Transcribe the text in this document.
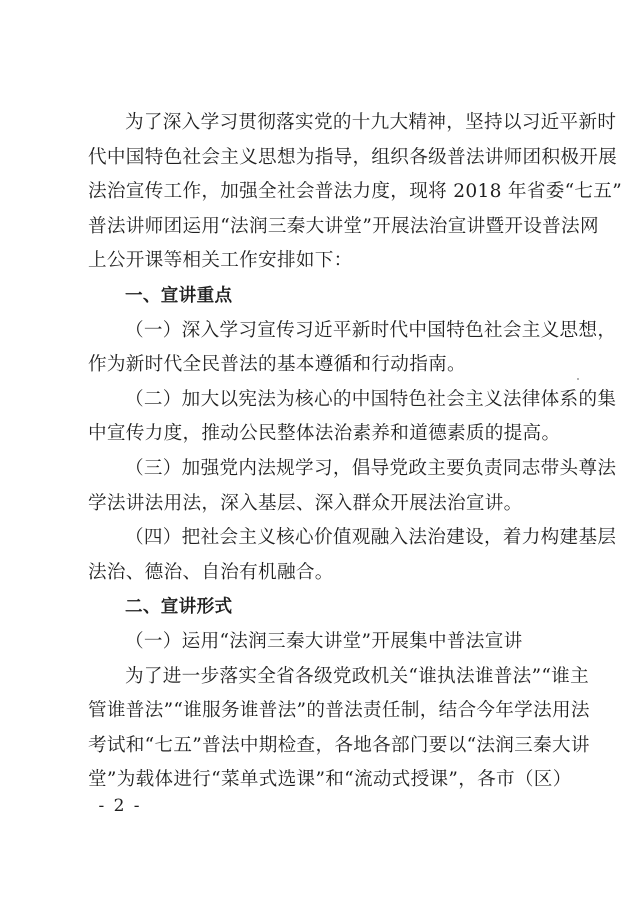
为了深入学习贯彻落实党的十九大精神，坚持以习近平新时
代中国特色社会主义思想为指导，组织各级普法讲师团积极开展
法治宣传工作，加强全社会普法力度，现将 2018 年省委“七五”
普法讲师团运用“法润三秦大讲堂”开展法治宣讲暨开设普法网
上公开课等相关工作安排如下：
一、宣讲重点
（一）深入学习宣传习近平新时代中国特色社会主义思想，
作为新时代全民普法的基本遵循和行动指南。
（二）加大以宪法为核心的中国特色社会主义法律体系的集
中宣传力度，推动公民整体法治素养和道德素质的提高。
（三）加强党内法规学习，倡导党政主要负责同志带头尊法
学法讲法用法，深入基层、深入群众开展法治宣讲。
（四）把社会主义核心价值观融入法治建设，着力构建基层
法治、德治、自治有机融合。
二、宣讲形式
（一）运用“法润三秦大讲堂”开展集中普法宣讲
为了进一步落实全省各级党政机关“谁执法谁普法”“谁主
管谁普法”“谁服务谁普法”的普法责任制，结合今年学法用法
考试和“七五”普法中期检查，各地各部门要以“法润三秦大讲
堂”为载体进行“菜单式选课”和“流动式授课”，各市（区）
- 2 -
